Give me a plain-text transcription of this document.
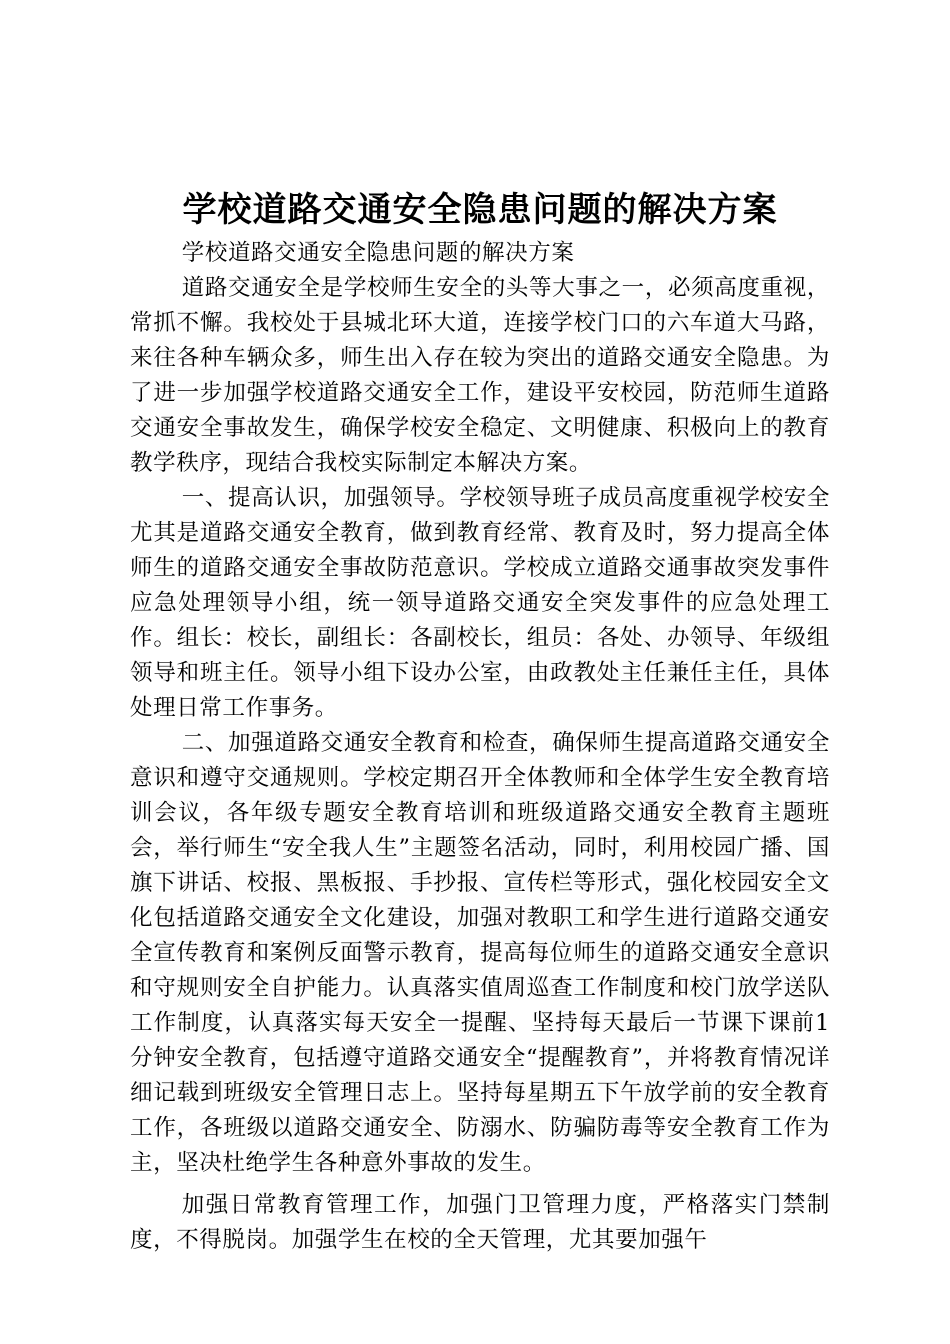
学校道路交通安全隐患问题的解决方案

学校道路交通安全隐患问题的解决方案

道路交通安全是学校师生安全的头等大事之一，必须高度重视，常抓不懈。我校处于县城北环大道，连接学校门口的六车道大马路，来往各种车辆众多，师生出入存在较为突出的道路交通安全隐患。为了进一步加强学校道路交通安全工作，建设平安校园，防范师生道路交通安全事故发生，确保学校安全稳定、文明健康、积极向上的教育教学秩序，现结合我校实际制定本解决方案。

一、提高认识，加强领导。学校领导班子成员高度重视学校安全尤其是道路交通安全教育，做到教育经常、教育及时，努力提高全体师生的道路交通安全事故防范意识。学校成立道路交通事故突发事件应急处理领导小组，统一领导道路交通安全突发事件的应急处理工作。组长：校长，副组长：各副校长，组员：各处、办领导、年级组领导和班主任。领导小组下设办公室，由政教处主任兼任主任，具体处理日常工作事务。

二、加强道路交通安全教育和检查，确保师生提高道路交通安全意识和遵守交通规则。学校定期召开全体教师和全体学生安全教育培训会议，各年级专题安全教育培训和班级道路交通安全教育主题班会，举行师生“安全我人生”主题签名活动，同时，利用校园广播、国旗下讲话、校报、黑板报、手抄报、宣传栏等形式，强化校园安全文化包括道路交通安全文化建设，加强对教职工和学生进行道路交通安全宣传教育和案例反面警示教育，提高每位师生的道路交通安全意识和守规则安全自护能力。认真落实值周巡查工作制度和校门放学送队工作制度，认真落实每天安全一提醒、坚持每天最后一节课下课前1分钟安全教育，包括遵守道路交通安全“提醒教育”，并将教育情况详细记载到班级安全管理日志上。坚持每星期五下午放学前的安全教育工作，各班级以道路交通安全、防溺水、防骗防毒等安全教育工作为主，坚决杜绝学生各种意外事故的发生。

加强日常教育管理工作，加强门卫管理力度，严格落实门禁制度，不得脱岗。加强学生在校的全天管理，尤其要加强午
